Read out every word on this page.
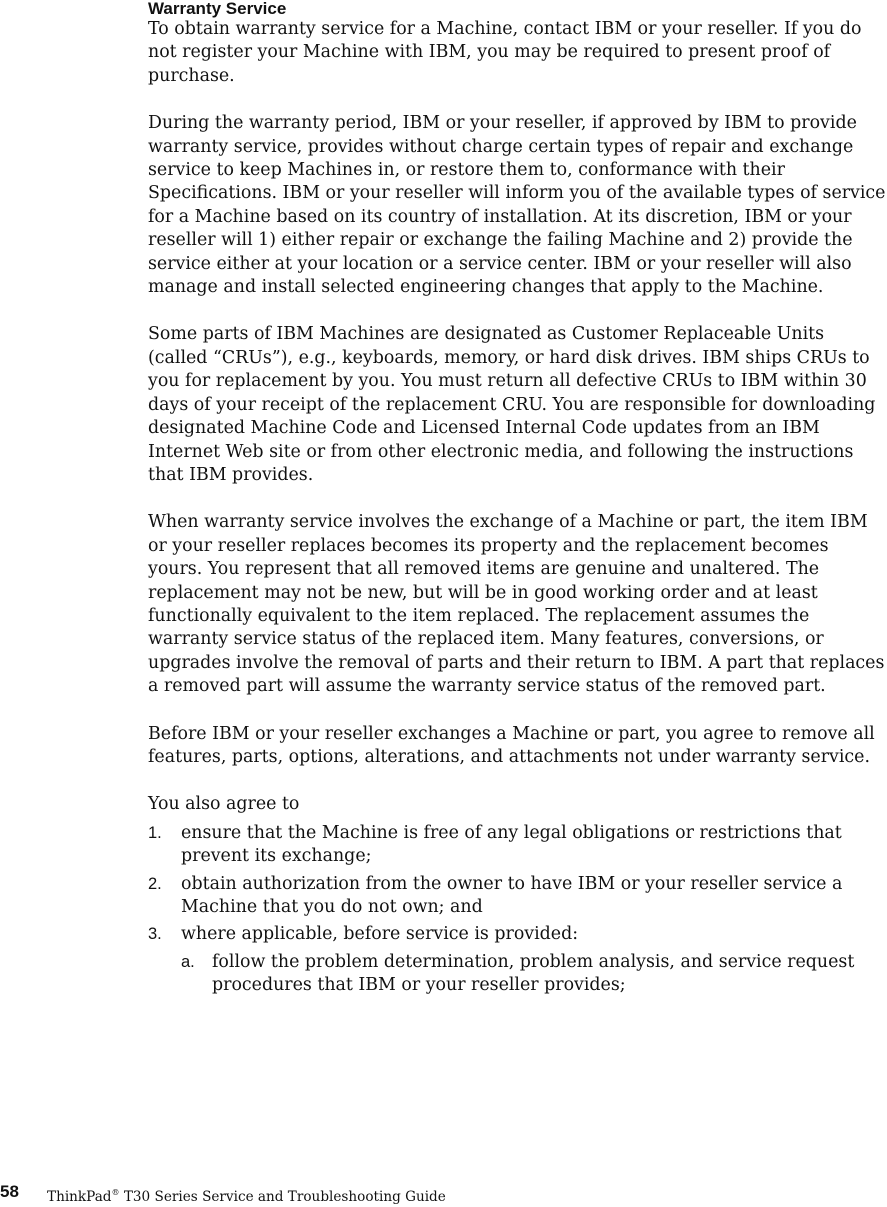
Warranty Service

To obtain warranty service for a Machine, contact IBM or your reseller. If you do not register your Machine with IBM, you may be required to present proof of purchase.

During the warranty period, IBM or your reseller, if approved by IBM to provide warranty service, provides without charge certain types of repair and exchange service to keep Machines in, or restore them to, conformance with their Specifications. IBM or your reseller will inform you of the available types of service for a Machine based on its country of installation. At its discretion, IBM or your reseller will 1) either repair or exchange the failing Machine and 2) provide the service either at your location or a service center. IBM or your reseller will also manage and install selected engineering changes that apply to the Machine.

Some parts of IBM Machines are designated as Customer Replaceable Units (called “CRUs”), e.g., keyboards, memory, or hard disk drives. IBM ships CRUs to you for replacement by you. You must return all defective CRUs to IBM within 30 days of your receipt of the replacement CRU. You are responsible for downloading designated Machine Code and Licensed Internal Code updates from an IBM Internet Web site or from other electronic media, and following the instructions that IBM provides.

When warranty service involves the exchange of a Machine or part, the item IBM or your reseller replaces becomes its property and the replacement becomes yours. You represent that all removed items are genuine and unaltered. The replacement may not be new, but will be in good working order and at least functionally equivalent to the item replaced. The replacement assumes the warranty service status of the replaced item. Many features, conversions, or upgrades involve the removal of parts and their return to IBM. A part that replaces a removed part will assume the warranty service status of the removed part.

Before IBM or your reseller exchanges a Machine or part, you agree to remove all features, parts, options, alterations, and attachments not under warranty service.

You also agree to

1. ensure that the Machine is free of any legal obligations or restrictions that prevent its exchange;
2. obtain authorization from the owner to have IBM or your reseller service a Machine that you do not own; and
3. where applicable, before service is provided:
a. follow the problem determination, problem analysis, and service request procedures that IBM or your reseller provides;
58 ThinkPad® T30 Series Service and Troubleshooting Guide
